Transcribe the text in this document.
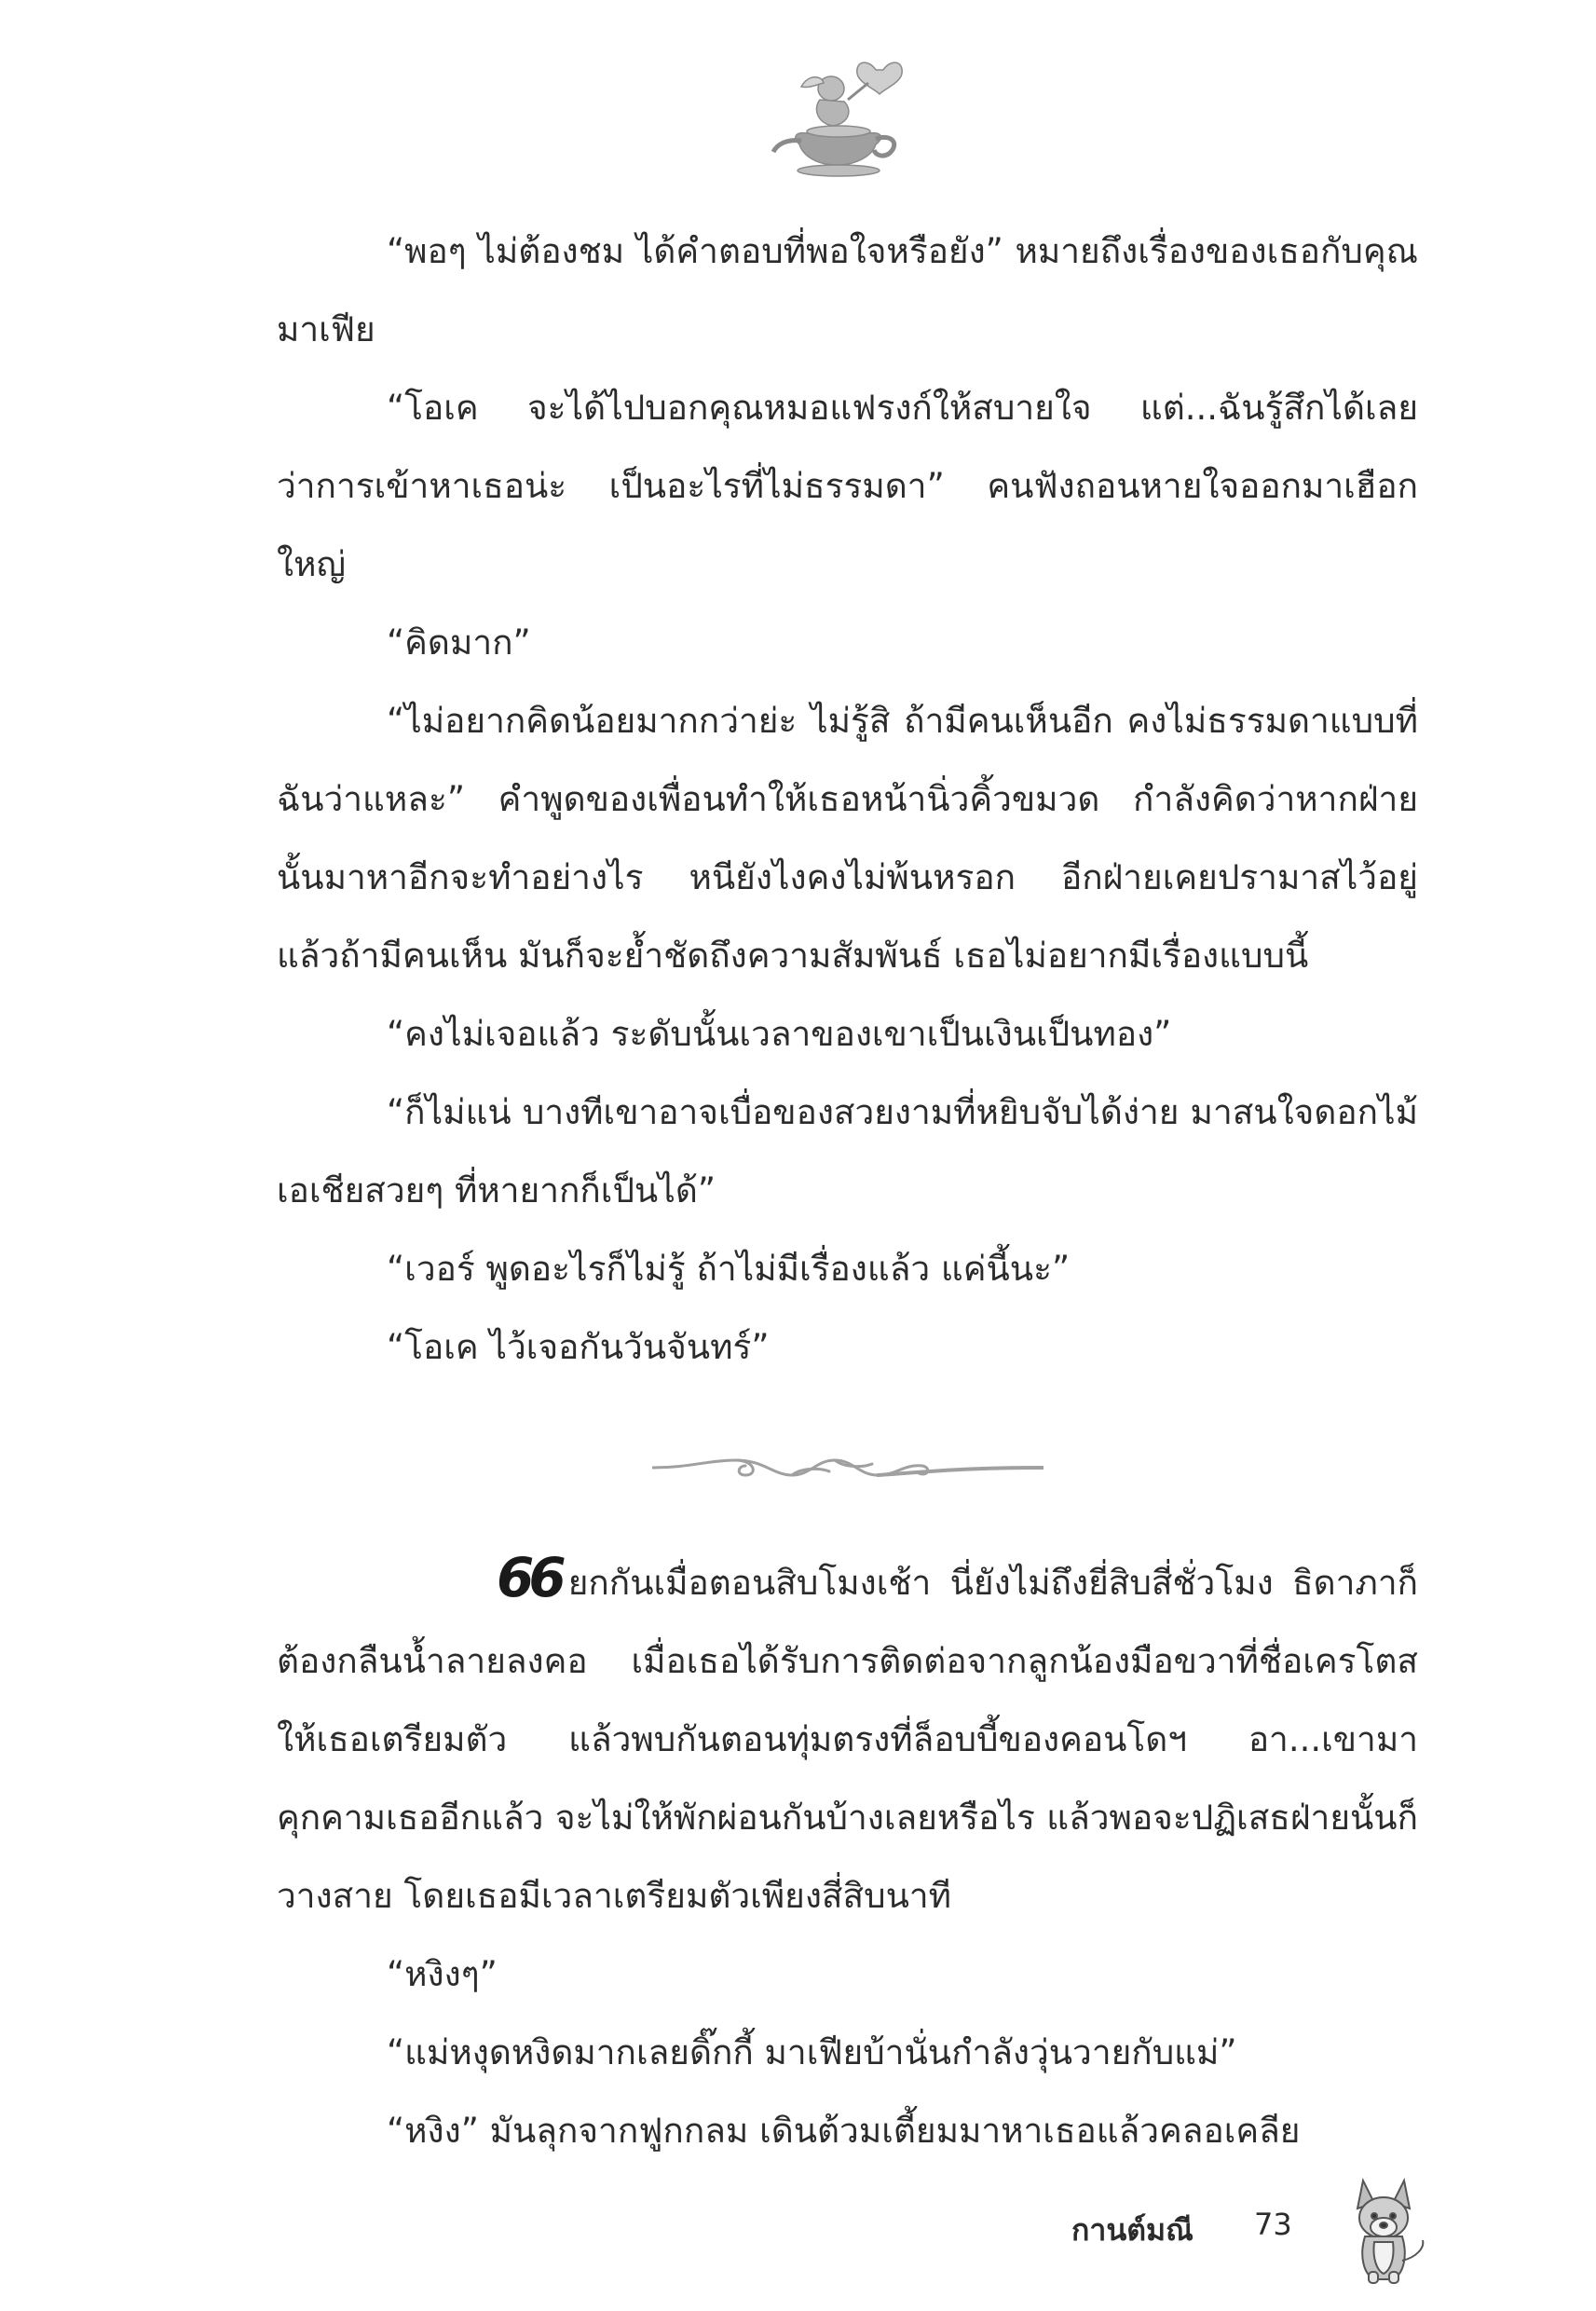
“พอๆ ไม่ต้องชม ได้คำตอบที่พอใจหรือยัง” หมายถึงเรื่องของเธอกับคุณมาเฟีย

“โอเค จะได้ไปบอกคุณหมอแฟรงก์ให้สบายใจ แต่...ฉันรู้สึกได้เลยว่าการเข้าหาเธอน่ะ เป็นอะไรที่ไม่ธรรมดา” คนฟังถอนหายใจออกมาเฮือกใหญ่

“คิดมาก”

“ไม่อยากคิดน้อยมากกว่าย่ะ ไม่รู้สิ ถ้ามีคนเห็นอีก คงไม่ธรรมดาแบบที่ฉันว่าแหละ” คำพูดของเพื่อนทำให้เธอหน้านิ่วคิ้วขมวด กำลังคิดว่าหากฝ่ายนั้นมาหาอีกจะทำอย่างไร หนียังไงคงไม่พ้นหรอก อีกฝ่ายเคยปรามาสไว้อยู่ แล้วถ้ามีคนเห็น มันก็จะย้ำชัดถึงความสัมพันธ์ เธอไม่อยากมีเรื่องแบบนี้

“คงไม่เจอแล้ว ระดับนั้นเวลาของเขาเป็นเงินเป็นทอง”

“ก็ไม่แน่ บางทีเขาอาจเบื่อของสวยงามที่หยิบจับได้ง่าย มาสนใจดอกไม้เอเชียสวยๆ ที่หายากก็เป็นได้”

“เวอร์ พูดอะไรก็ไม่รู้ ถ้าไม่มีเรื่องแล้ว แค่นี้นะ”

“โอเค ไว้เจอกันวันจันทร์”

66 ยกกันเมื่อตอนสิบโมงเช้า นี่ยังไม่ถึงยี่สิบสี่ชั่วโมง ธิดาภาก็ต้องกลืนน้ำลายลงคอ เมื่อเธอได้รับการติดต่อจากลูกน้องมือขวาที่ชื่อเครโตส ให้เธอเตรียมตัว แล้วพบกันตอนทุ่มตรงที่ล็อบบี้ของคอนโดฯ อา...เขามาคุกคามเธออีกแล้ว จะไม่ให้พักผ่อนกันบ้างเลยหรือไร แล้วพอจะปฏิเสธฝ่ายนั้นก็วางสาย โดยเธอมีเวลาเตรียมตัวเพียงสี่สิบนาที

“หงิงๆ”

“แม่หงุดหงิดมากเลยดิ๊กกี้ มาเฟียบ้านั่นกำลังวุ่นวายกับแม่”

“หงิง” มันลุกจากฟูกกลม เดินต้วมเตี้ยมมาหาเธอแล้วคลอเคลีย

กานต์มณี 73
